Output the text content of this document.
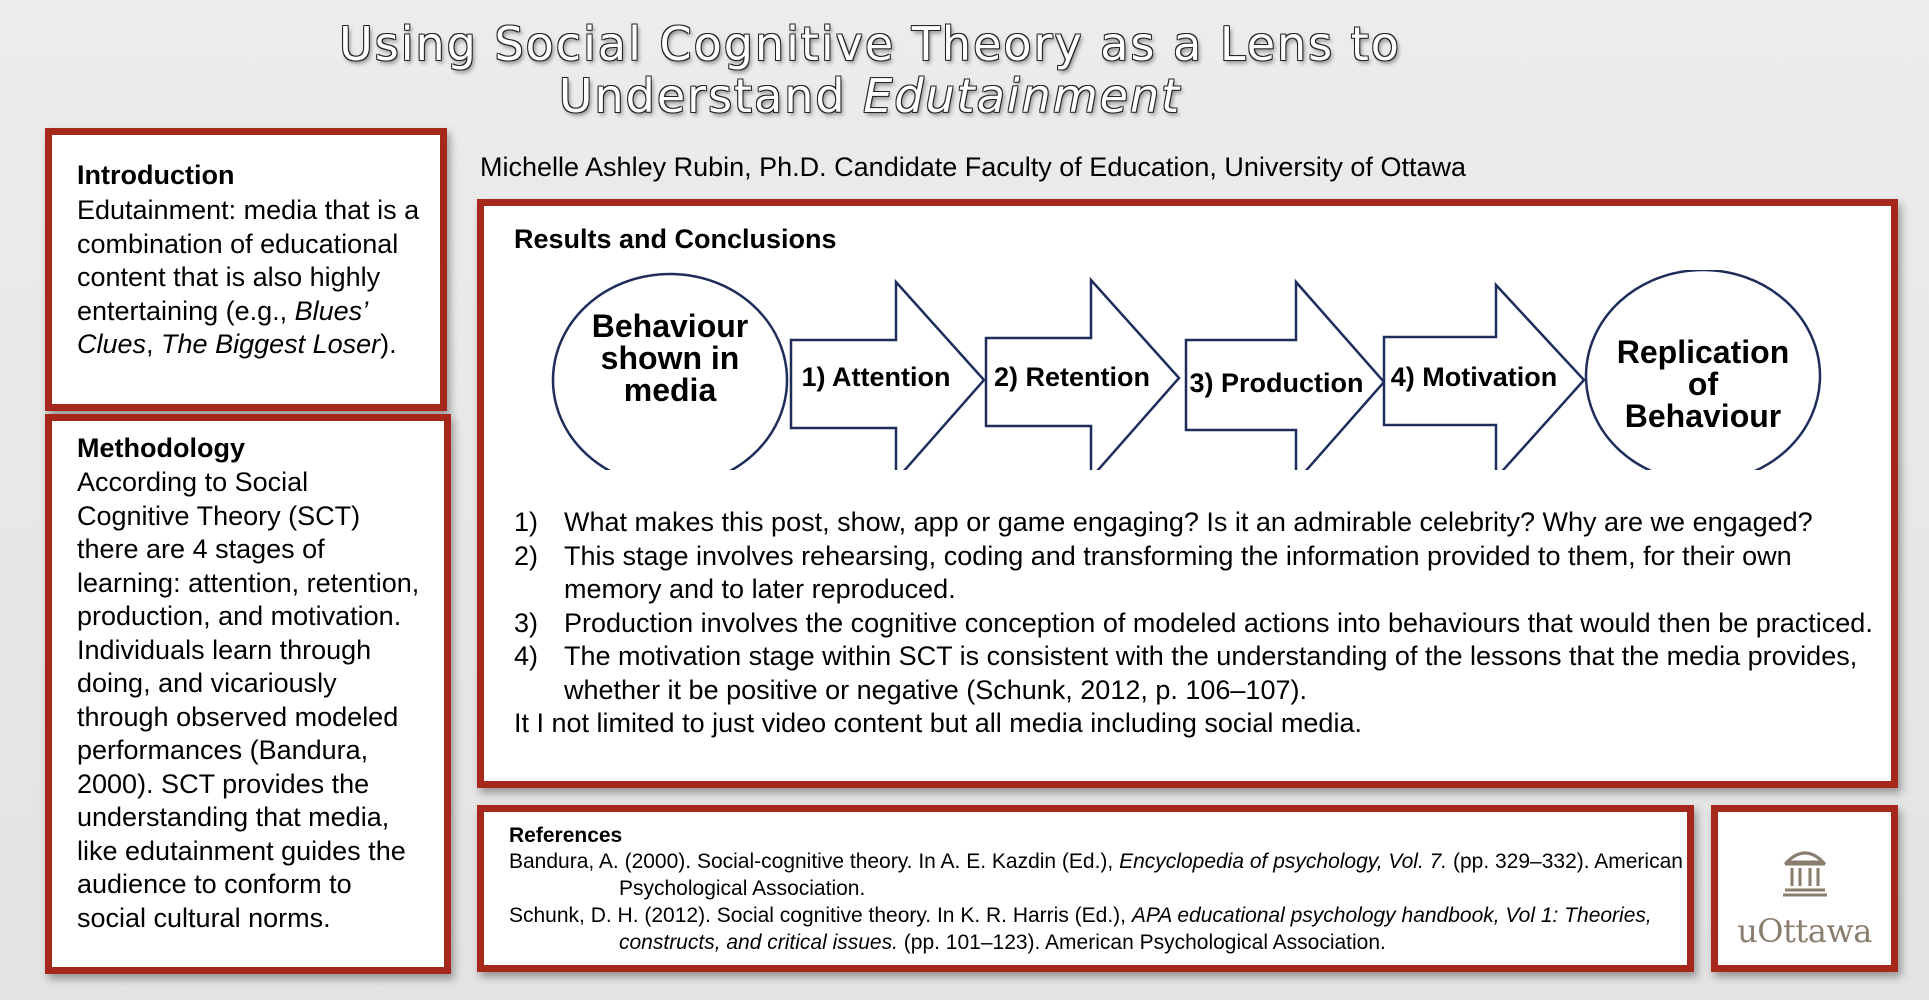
Using Social Cognitive Theory as a Lens to
Understand Edutainment
Introduction
Edutainment: media that is a combination of educational content that is also highly entertaining (e.g., Blues’ Clues, The Biggest Loser).
Methodology
According to Social Cognitive Theory (SCT) there are 4 stages of learning: attention, retention, production, and motivation. Individuals learn through doing, and vicariously through observed modeled performances (Bandura, 2000). SCT provides the understanding that media, like edutainment guides the audience to conform to social cultural norms.
Michelle Ashley Rubin, Ph.D. Candidate Faculty of Education, University of Ottawa
Results and Conclusions
Behaviour
shown in
media	1) Attention 2) Retention 3) Production 4) Motivation
Replication
of
Behaviour
1) What makes this post, show, app or game engaging? Is it an admirable celebrity? Why are we engaged?
2) This stage involves rehearsing, coding and transforming the information provided to them, for their own memory and to later reproduced.
3) Production involves the cognitive conception of modeled actions into behaviours that would then be practiced.
4) The motivation stage within SCT is consistent with the understanding of the lessons that the media provides, whether it be positive or negative (Schunk, 2012, p. 106–107).
It I not limited to just video content but all media including social media.
References
Bandura, A. (2000). Social-cognitive theory. In A. E. Kazdin (Ed.), Encyclopedia of psychology, Vol. 7. (pp. 329–332). American Psychological Association.
Schunk, D. H. (2012). Social cognitive theory. In K. R. Harris (Ed.), APA educational psychology handbook, Vol 1: Theories, constructs, and critical issues. (pp. 101–123). American Psychological Association.	uOttawa
